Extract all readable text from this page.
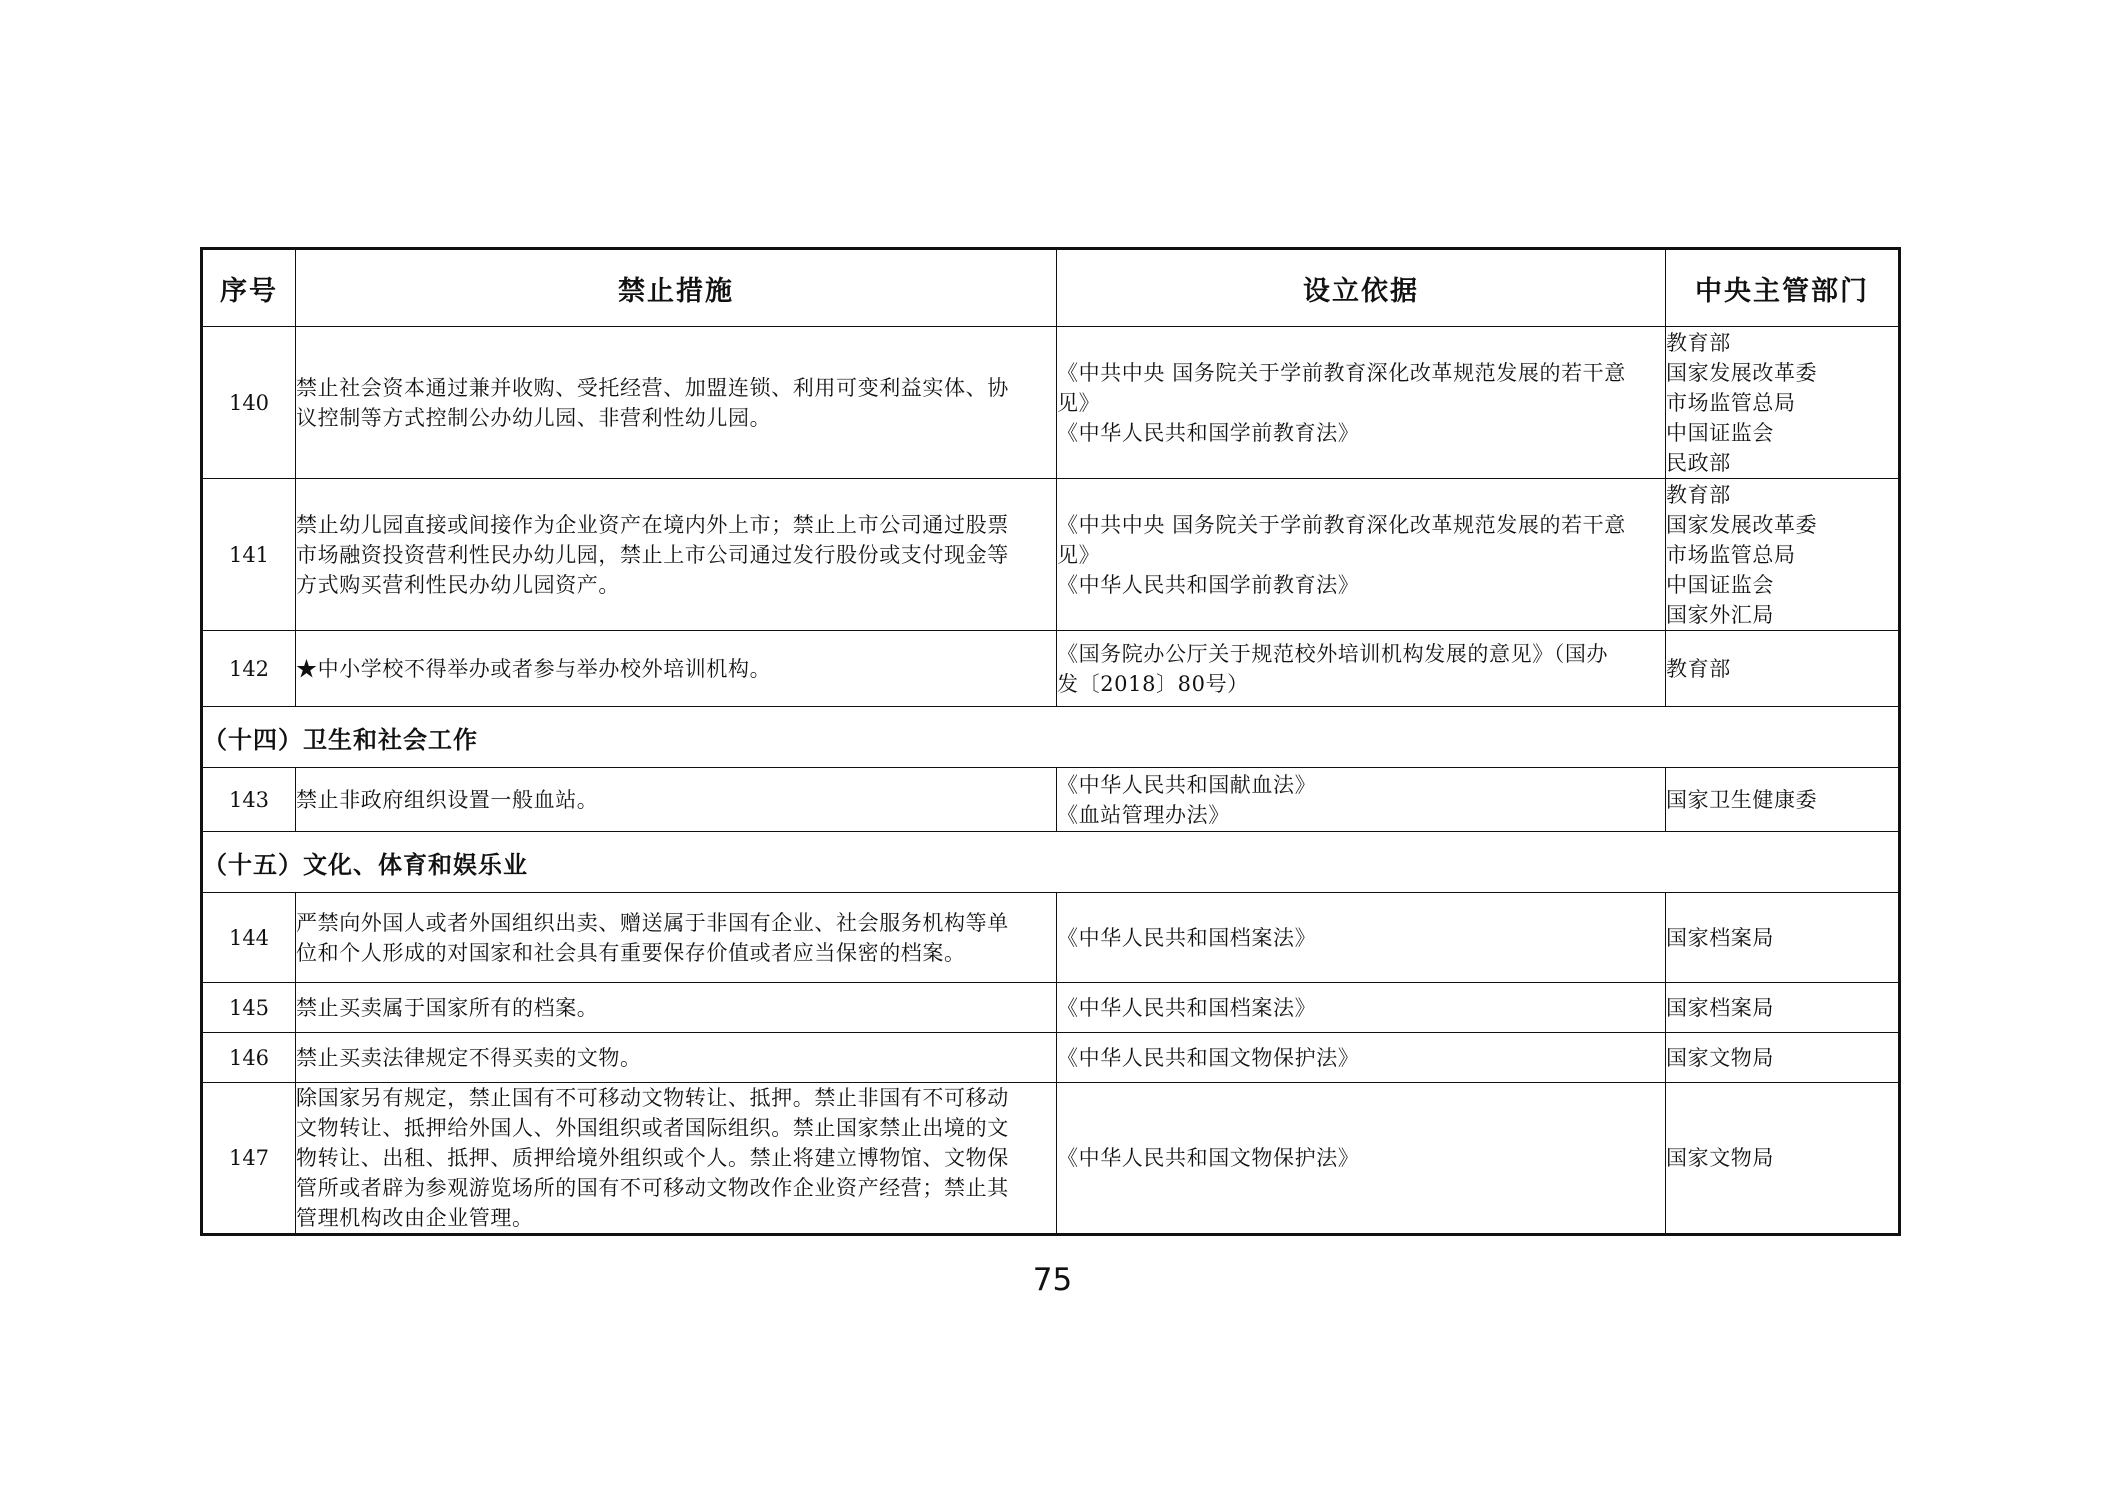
序号	禁止措施	设立依据	中央主管部门
140	禁止社会资本通过兼并收购、受托经营、加盟连锁、利用可变利益实体、协
议控制等方式控制公办幼儿园、非营利性幼儿园。	《中共中央 国务院关于学前教育深化改革规范发展的若干意
见》
《中华人民共和国学前教育法》	教育部
国家发展改革委
市场监管总局
中国证监会
民政部

141	禁止幼儿园直接或间接作为企业资产在境内外上市；禁止上市公司通过股票
市场融资投资营利性民办幼儿园，禁止上市公司通过发行股份或支付现金等
方式购买营利性民办幼儿园资产。	《中共中央 国务院关于学前教育深化改革规范发展的若干意
见》
《中华人民共和国学前教育法》	教育部
国家发展改革委
市场监管总局
中国证监会
国家外汇局

142	★中小学校不得举办或者参与举办校外培训机构。	《国务院办公厅关于规范校外培训机构发展的意见》（国办
发〔2018〕80号）	教育部

（十四）卫生和社会工作			
143	禁止非政府组织设置一般血站。	《中华人民共和国献血法》
《血站管理办法》	国家卫生健康委

（十五）文化、体育和娱乐业			
144	严禁向外国人或者外国组织出卖、赠送属于非国有企业、社会服务机构等单
位和个人形成的对国家和社会具有重要保存价值或者应当保密的档案。	《中华人民共和国档案法》	国家档案局

145	禁止买卖属于国家所有的档案。	《中华人民共和国档案法》	国家档案局

146	禁止买卖法律规定不得买卖的文物。	《中华人民共和国文物保护法》	国家文物局

147	除国家另有规定，禁止国有不可移动文物转让、抵押。禁止非国有不可移动
文物转让、抵押给外国人、外国组织或者国际组织。禁止国家禁止出境的文
物转让、出租、抵押、质押给境外组织或个人。禁止将建立博物馆、文物保
管所或者辟为参观游览场所的国有不可移动文物改作企业资产经营；禁止其
管理机构改由企业管理。	《中华人民共和国文物保护法》	国家文物局
75
